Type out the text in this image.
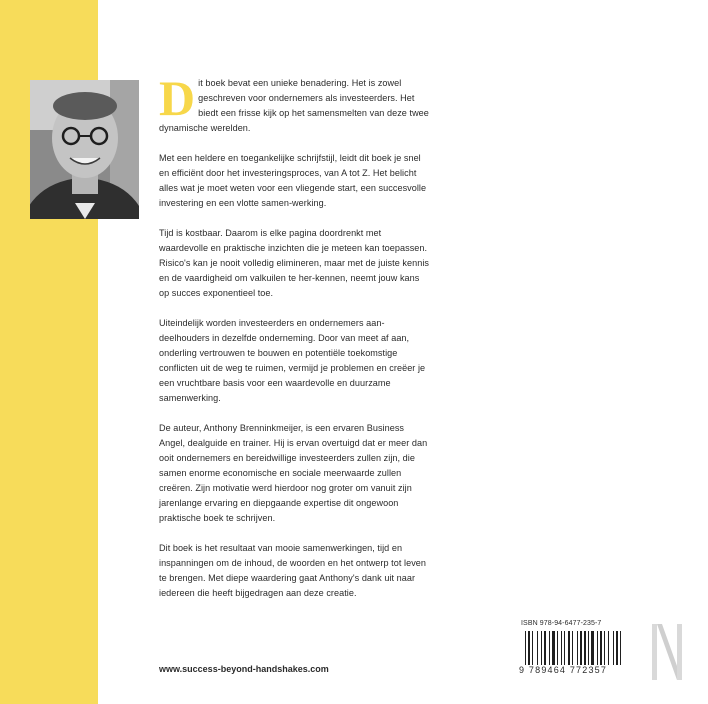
Dit boek bevat een unieke benadering. Het is zowel geschreven voor ondernemers als investeerders. Het biedt een frisse kijk op het samensmelten van deze twee dynamische werelden.

Met een heldere en toegankelijke schrijfstijl, leidt dit boek je snel en efficiënt door het investeringsproces, van A tot Z. Het belicht alles wat je moet weten voor een vliegende start, een succesvolle investering en een vlotte samen-werking.

Tijd is kostbaar. Daarom is elke pagina doordrenkt met waardevolle en praktische inzichten die je meteen kan toepassen. Risico's kan je nooit volledig elimineren, maar met de juiste kennis en de vaardigheid om valkuilen te her-kennen, neemt jouw kans op succes exponentieel toe.

Uiteindelijk worden investeerders en ondernemers aan-deelhouders in dezelfde onderneming. Door van meet af aan, onderling vertrouwen te bouwen en potentiële toekomstige conflicten uit de weg te ruimen, vermijd je problemen en creëer je een vruchtbare basis voor een waardevolle en duurzame samenwerking.

De auteur, Anthony Brenninkmeijer, is een ervaren Business Angel, dealguide en trainer. Hij is ervan overtuigd dat er meer dan ooit ondernemers en bereidwillige investeerders zullen zijn, die samen enorme economische en sociale meerwaarde zullen creëren. Zijn motivatie werd hierdoor nog groter om vanuit zijn jarenlange ervaring en diepgaande expertise dit ongewoon praktische boek te schrijven.

Dit boek is het resultaat van mooie samenwerkingen, tijd en inspanningen om de inhoud, de woorden en het ontwerp tot leven te brengen. Met diepe waardering gaat Anthony's dank uit naar iedereen die heeft bijgedragen aan deze creatie.

www.success-beyond-handshakes.com
ISBN 978-94-6477-235-7
9 789464 772357
